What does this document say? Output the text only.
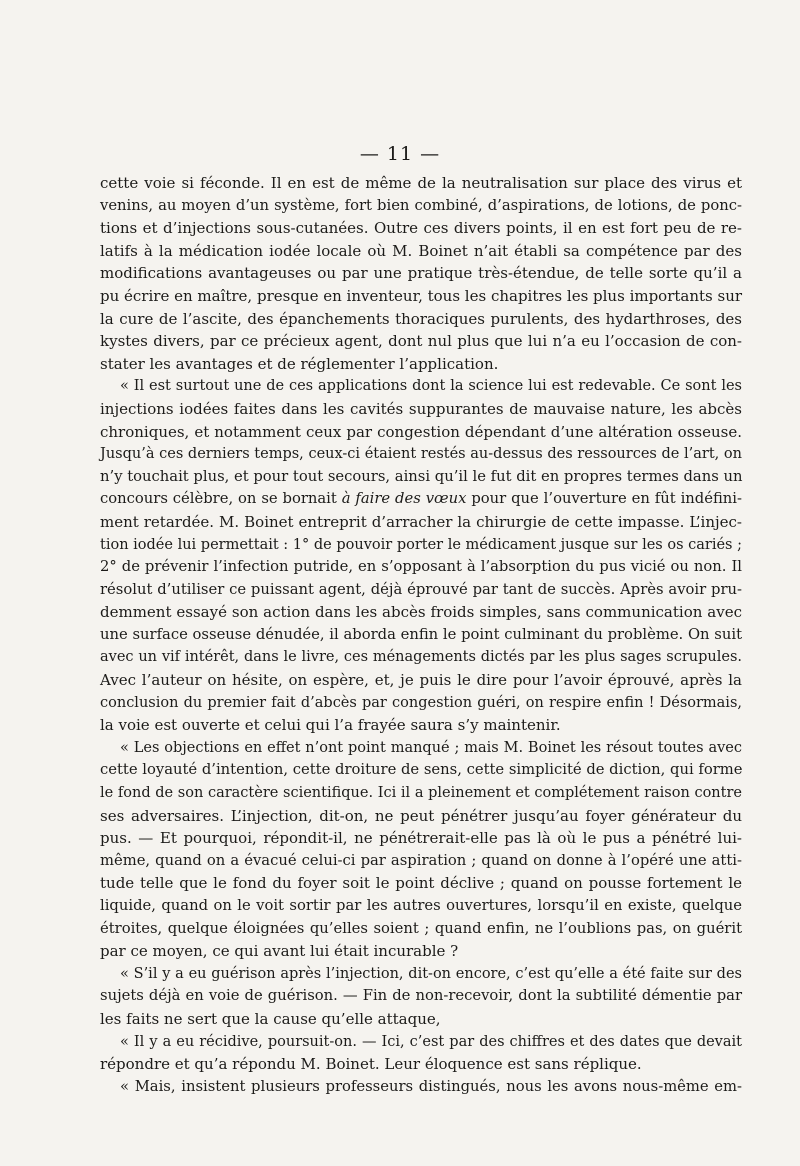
— 11 —
cette voie si féconde. Il en est de même de la neutralisation sur place des virus et
venins, au moyen d’un système, fort bien combiné, d’aspirations, de lotions, de ponc-
tions et d’injections sous-cutanées. Outre ces divers points, il en est fort peu de re-
latifs à la médication iodée locale où M. Boinet n’ait établi sa compétence par des
modifications avantageuses ou par une pratique très-étendue, de telle sorte qu’il a
pu écrire en maître, presque en inventeur, tous les chapitres les plus importants sur
la cure de l’ascite, des épanchements thoraciques purulents, des hydarthroses, des
kystes divers, par ce précieux agent, dont nul plus que lui n’a eu l’occasion de con-
stater les avantages et de réglementer l’application.
« Il est surtout une de ces applications dont la science lui est redevable. Ce sont les
injections iodées faites dans les cavités suppurantes de mauvaise nature, les abcès
chroniques, et notamment ceux par congestion dépendant d’une altération osseuse.
Jusqu’à ces derniers temps, ceux-ci étaient restés au-dessus des ressources de l’art, on
n’y touchait plus, et pour tout secours, ainsi qu’il le fut dit en propres termes dans un
concours célèbre, on se bornait à faire des vœux pour que l’ouverture en fût indéfini-
ment retardée. M. Boinet entreprit d’arracher la chirurgie de cette impasse. L’injec-
tion iodée lui permettait : 1° de pouvoir porter le médicament jusque sur les os cariés ;
2° de prévenir l’infection putride, en s’opposant à l’absorption du pus vicié ou non. Il
résolut d’utiliser ce puissant agent, déjà éprouvé par tant de succès. Après avoir pru-
demment essayé son action dans les abcès froids simples, sans communication avec
une surface osseuse dénudée, il aborda enfin le point culminant du problème. On suit
avec un vif intérêt, dans le livre, ces ménagements dictés par les plus sages scrupules.
Avec l’auteur on hésite, on espère, et, je puis le dire pour l’avoir éprouvé, après la
conclusion du premier fait d’abcès par congestion guéri, on respire enfin ! Désormais,
la voie est ouverte et celui qui l’a frayée saura s’y maintenir.
« Les objections en effet n’ont point manqué ; mais M. Boinet les résout toutes avec
cette loyauté d’intention, cette droiture de sens, cette simplicité de diction, qui forme
le fond de son caractère scientifique. Ici il a pleinement et complétement raison contre
ses adversaires. L’injection, dit-on, ne peut pénétrer jusqu’au foyer générateur du
pus. — Et pourquoi, répondit-il, ne pénétrerait-elle pas là où le pus a pénétré lui-
même, quand on a évacué celui-ci par aspiration ; quand on donne à l’opéré une atti-
tude telle que le fond du foyer soit le point déclive ; quand on pousse fortement le
liquide, quand on le voit sortir par les autres ouvertures, lorsqu’il en existe, quelque
étroites, quelque éloignées qu’elles soient ; quand enfin, ne l’oublions pas, on guérit
par ce moyen, ce qui avant lui était incurable ?
« S’il y a eu guérison après l’injection, dit-on encore, c’est qu’elle a été faite sur des
sujets déjà en voie de guérison. — Fin de non-recevoir, dont la subtilité démentie par
les faits ne sert que la cause qu’elle attaque,
« Il y a eu récidive, poursuit-on. — Ici, c’est par des chiffres et des dates que devait
répondre et qu’a répondu M. Boinet. Leur éloquence est sans réplique.
« Mais, insistent plusieurs professeurs distingués, nous les avons nous-même em-
